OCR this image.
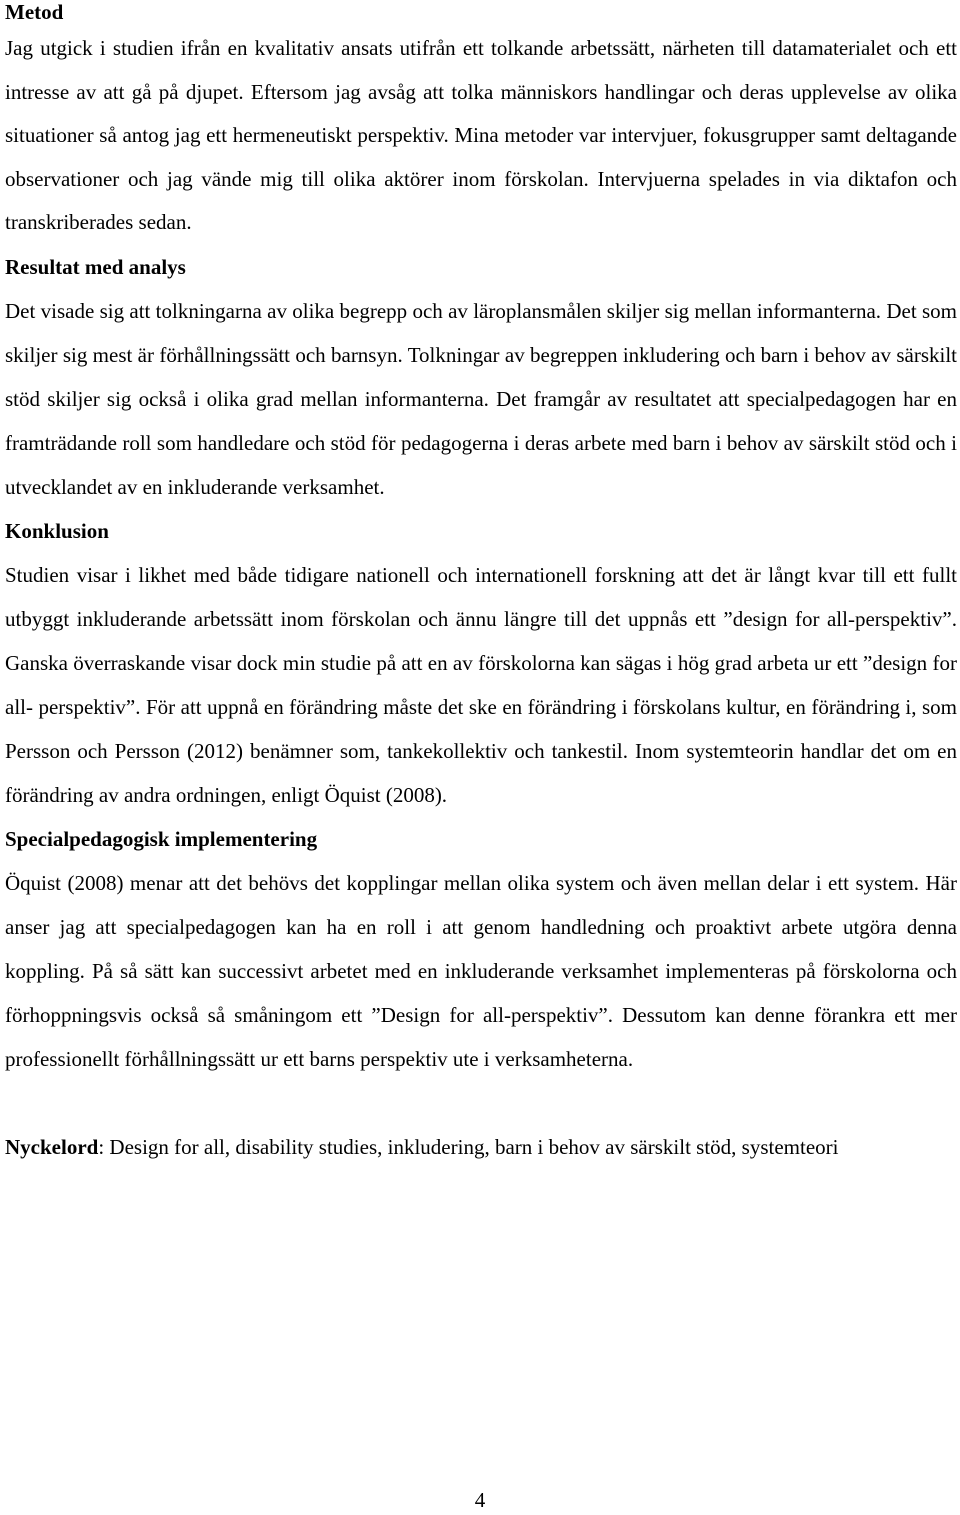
Metod

Jag utgick i studien ifrån en kvalitativ ansats utifrån ett tolkande arbetssätt, närheten till datamaterialet och ett intresse av att gå på djupet. Eftersom jag avsåg att tolka människors handlingar och deras upplevelse av olika situationer så antog jag ett hermeneutiskt perspektiv. Mina metoder var intervjuer, fokusgrupper samt deltagande observationer och jag vände mig till olika aktörer inom förskolan. Intervjuerna spelades in via diktafon och transkriberades sedan.

Resultat med analys

Det visade sig att tolkningarna av olika begrepp och av läroplansmålen skiljer sig mellan informanterna. Det som skiljer sig mest är förhållningssätt och barnsyn. Tolkningar av begreppen inkludering och barn i behov av särskilt stöd skiljer sig också i olika grad mellan informanterna. Det framgår av resultatet att specialpedagogen har en framträdande roll som handledare och stöd för pedagogerna i deras arbete med barn i behov av särskilt stöd och i utvecklandet av en inkluderande verksamhet.

Konklusion

Studien visar i likhet med både tidigare nationell och internationell forskning att det är långt kvar till ett fullt utbyggt inkluderande arbetssätt inom förskolan och ännu längre till det uppnås ett ”design for all-perspektiv”. Ganska överraskande visar dock min studie på att en av förskolorna kan sägas i hög grad arbeta ur ett ”design for all- perspektiv”. För att uppnå en förändring måste det ske en förändring i förskolans kultur, en förändring i, som Persson och Persson (2012) benämner som, tankekollektiv och tankestil. Inom systemteorin handlar det om en förändring av andra ordningen, enligt Öquist (2008).

Specialpedagogisk implementering

Öquist (2008) menar att det behövs det kopplingar mellan olika system och även mellan delar i ett system. Här anser jag att specialpedagogen kan ha en roll i att genom handledning och proaktivt arbete utgöra denna koppling. På så sätt kan successivt arbetet med en inkluderande verksamhet implementeras på förskolorna och förhoppningsvis också så småningom ett ”Design for all-perspektiv”. Dessutom kan denne förankra ett mer professionellt förhållningssätt ur ett barns perspektiv ute i verksamheterna.

Nyckelord: Design for all, disability studies, inkludering, barn i behov av särskilt stöd, systemteori

4
